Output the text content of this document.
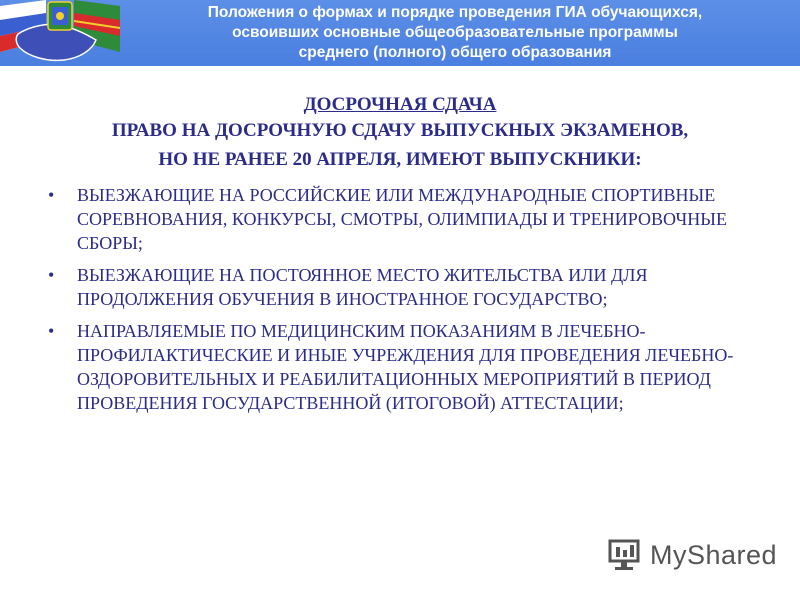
Положения о формах и порядке проведения ГИА обучающихся,
освоивших основные общеобразовательные программы
среднего (полного) общего образования

ДОСРОЧНАЯ СДАЧА

ПРАВО НА ДОСРОЧНУЮ СДАЧУ ВЫПУСКНЫХ ЭКЗАМЕНОВ,

НО НЕ РАНЕЕ 20 АПРЕЛЯ, ИМЕЮТ ВЫПУСКНИКИ:

• ВЫЕЗЖАЮЩИЕ НА РОССИЙСКИЕ ИЛИ МЕЖДУНАРОДНЫЕ СПОРТИВНЫЕ СОРЕВНОВАНИЯ, КОНКУРСЫ, СМОТРЫ, ОЛИМПИАДЫ И ТРЕНИРОВОЧНЫЕ СБОРЫ;
• ВЫЕЗЖАЮЩИЕ НА ПОСТОЯННОЕ МЕСТО ЖИТЕЛЬСТВА ИЛИ ДЛЯ ПРОДОЛЖЕНИЯ ОБУЧЕНИЯ В ИНОСТРАННОЕ ГОСУДАРСТВО;
• НАПРАВЛЯЕМЫЕ ПО МЕДИЦИНСКИМ ПОКАЗАНИЯМ В ЛЕЧЕБНО-ПРОФИЛАКТИЧЕСКИЕ И ИНЫЕ УЧРЕЖДЕНИЯ ДЛЯ ПРОВЕДЕНИЯ ЛЕЧЕБНО-ОЗДОРОВИТЕЛЬНЫХ И РЕАБИЛИТАЦИОННЫХ МЕРОПРИЯТИЙ В ПЕРИОД ПРОВЕДЕНИЯ ГОСУДАРСТВЕННОЙ (ИТОГОВОЙ) АТТЕСТАЦИИ;
MyShared
